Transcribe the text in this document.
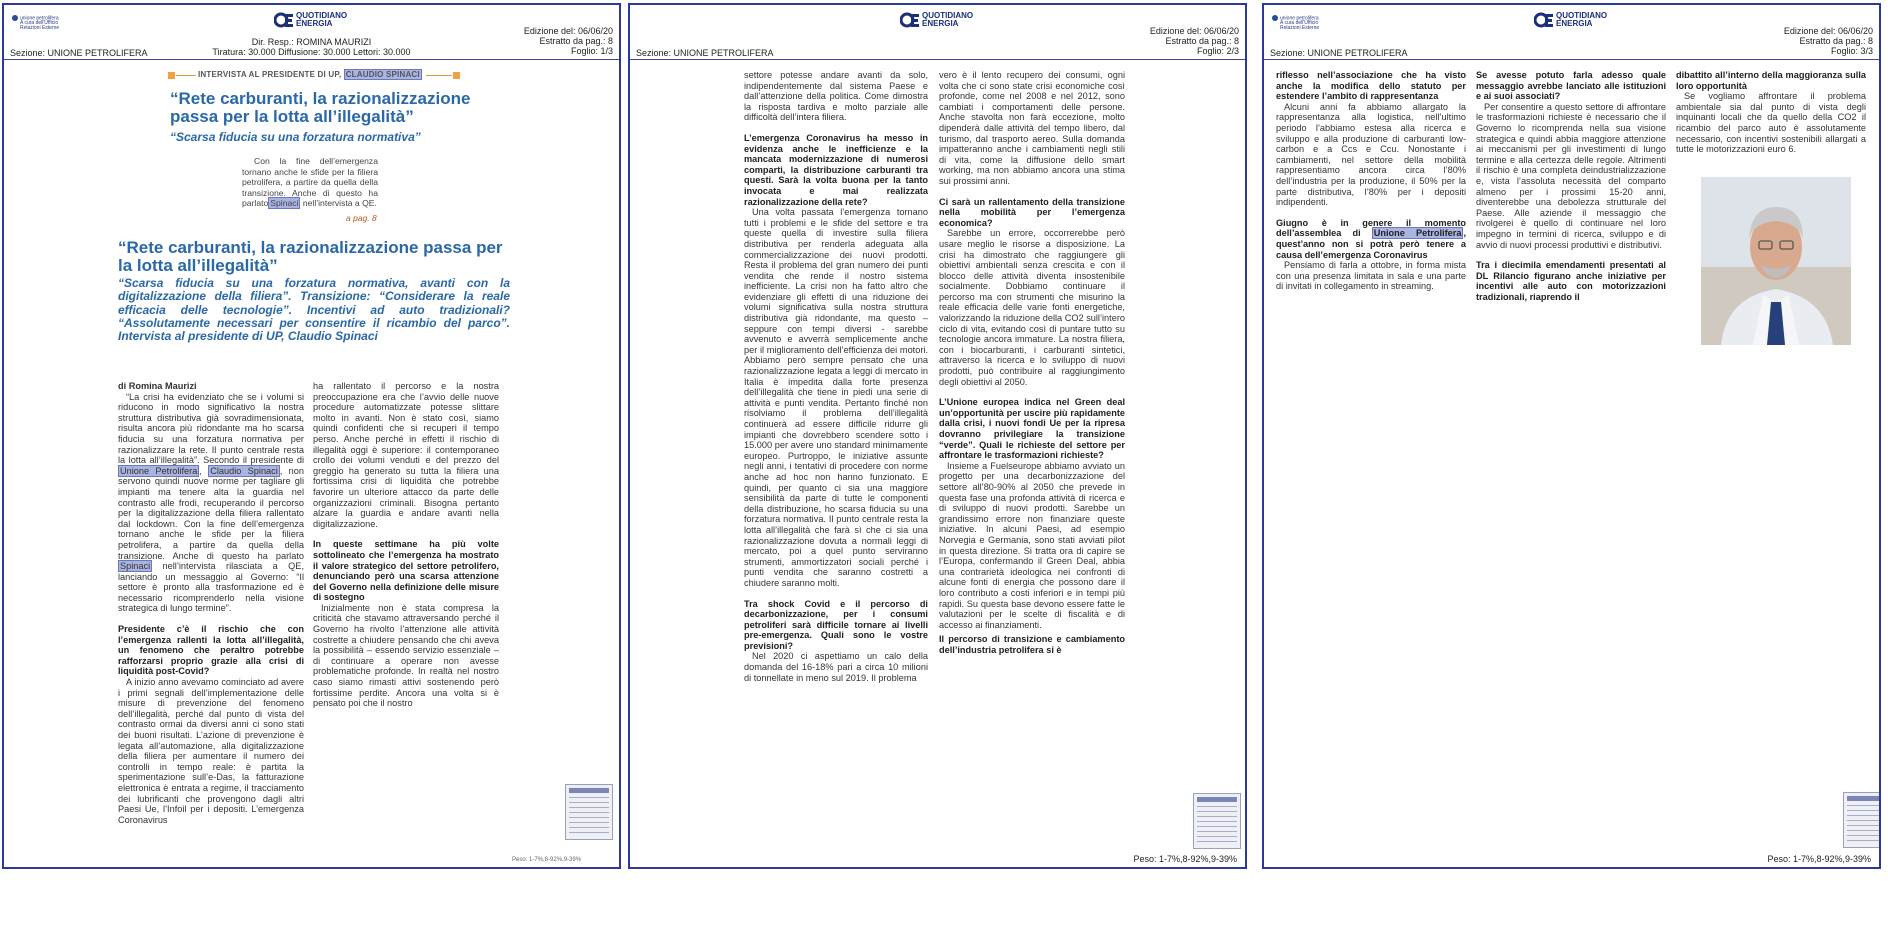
unione petrolifera
A cura dell'Ufficio
Relazioni Esterne
QUOTIDIANO
ENERGIA
Dir. Resp.: ROMINA MAURIZI
Tiratura: 30.000 Diffusione: 30.000 Lettori: 30.000
Edizione del: 06/06/20
Estratto da pag.: 8
Foglio: 1/3
Sezione: UNIONE PETROLIFERA
INTERVISTA AL PRESIDENTE DI UP, CLAUDIO SPINACI
“Rete carburanti, la razionalizzazione passa per la lotta all’illegalità”
“Scarsa fiducia su una forzatura normativa”
Con la fine dell’emergenza tornano anche le sfide per la filiera petrolifera, a partire da quella della transizione. Anche di questo ha parlato Spinaci nell’intervista a QE.
a pag. 8
“Rete carburanti, la razionalizzazione passa per la lotta all’illegalità”
“Scarsa fiducia su una forzatura normativa, avanti con la digitalizzazione della filiera”. Transizione: “Considerare la reale efficacia delle tecnologie”. Incentivi ad auto tradizionali? “Assolutamente necessari per consentire il ricambio del parco”. Intervista al presidente di UP, Claudio Spinaci

di Romina Maurizi

“La crisi ha evidenziato che se i volumi si riducono in modo significativo la nostra struttura distributiva già sovradimensionata, risulta ancora più ridondante ma ho scarsa fiducia su una forzatura normativa per razionalizzare la rete. Il punto centrale resta la lotta all’illegalità”. Secondo il presidente di Unione Petrolifera , Claudio Spinaci , non servono quindi nuove norme per tagliare gli impianti ma tenere alta la guardia nel contrasto alle frodi, recuperando il percorso per la digitalizzazione della filiera rallentato dal lockdown. Con la fine dell’emergenza tornano anche le sfide per la filiera petrolifera, a partire da quella della transizione. Anche di questo ha parlato Spinaci nell’intervista rilasciata a QE, lanciando un messaggio al Governo: “Il settore è pronto alla trasformazione ed è necessario ricomprenderlo nella visione strategica di lungo termine”.

Presidente c’è il rischio che con l’emergenza rallenti la lotta all’illegalità, un fenomeno che peraltro potrebbe rafforzarsi proprio grazie alla crisi di liquidità post-Covid?

A inizio anno avevamo cominciato ad avere i primi segnali dell’implementazione delle misure di prevenzione del fenomeno dell’illegalità, perché dal punto di vista del contrasto ormai da diversi anni ci sono stati dei buoni risultati. L’azione di prevenzione è legata all’automazione, alla digitalizzazione della filiera per aumentare il numero dei controlli in tempo reale: è partita la sperimentazione sull’e-Das, la fatturazione elettronica è entrata a regime, il tracciamento dei lubrificanti che provengono dagli altri Paesi Ue, l’Infoil per i depositi. L’emergenza Coronavirus

ha rallentato il percorso e la nostra preoccupazione era che l’avvio delle nuove procedure automatizzate potesse slittare molto in avanti. Non è stato così, siamo quindi confidenti che si recuperi il tempo perso. Anche perché in effetti il rischio di illegalità oggi è superiore: il contemporaneo crollo dei volumi venduti e del prezzo del greggio ha generato su tutta la filiera una fortissima crisi di liquidità che potrebbe favorire un ulteriore attacco da parte delle organizzazioni criminali. Bisogna pertanto alzare la guardia e andare avanti nella digitalizzazione.

In queste settimane ha più volte sottolineato che l’emergenza ha mostrato il valore strategico del settore petrolifero, denunciando però una scarsa attenzione del Governo nella definizione delle misure di sostegno

Inizialmente non è stata compresa la criticità che stavamo attraversando perché il Governo ha rivolto l’attenzione alle attività costrette a chiudere pensando che chi aveva la possibilità – essendo servizio essenziale – di continuare a operare non avesse problematiche profonde. In realtà nel nostro caso siamo rimasti attivi sostenendo però fortissime perdite. Ancora una volta si è pensato poi che il nostro

Peso: 1-7%,8-92%,9-39%
QUOTIDIANO
ENERGIA
Edizione del: 06/06/20
Estratto da pag.: 8
Foglio: 2/3
Sezione: UNIONE PETROLIFERA

settore potesse andare avanti da solo, indipendentemente dal sistema Paese e dall’attenzione della politica. Come dimostra la risposta tardiva e molto parziale alle difficoltà dell’intera filiera.

L’emergenza Coronavirus ha messo in evidenza anche le inefficienze e la mancata modernizzazione di numerosi comparti, la distribuzione carburanti tra questi. Sarà la volta buona per la tanto invocata e mai realizzata razionalizzazione della rete?

Una volta passata l’emergenza tornano tutti i problemi e le sfide del settore e tra queste quella di investire sulla filiera distributiva per renderla adeguata alla commercializzazione dei nuovi prodotti. Resta il problema del gran numero dei punti vendita che rende il nostro sistema inefficiente. La crisi non ha fatto altro che evidenziare gli effetti di una riduzione dei volumi significativa sulla nostra struttura distributiva già ridondante, ma questo – seppure con tempi diversi - sarebbe avvenuto e avverrà semplicemente anche per il miglioramento dell’efficienza dei motori. Abbiamo però sempre pensato che una razionalizzazione legata a leggi di mercato in Italia è impedita dalla forte presenza dell’illegalità che tiene in piedi una serie di attività e punti vendita. Pertanto finché non risolviamo il problema dell’illegalità continuerà ad essere difficile ridurre gli impianti che dovrebbero scendere sotto i 15.000 per avere uno standard minimamente europeo. Purtroppo, le iniziative assunte negli anni, i tentativi di procedere con norme anche ad hoc non hanno funzionato. E quindi, per quanto ci sia una maggiore sensibilità da parte di tutte le componenti della distribuzione, ho scarsa fiducia su una forzatura normativa. Il punto centrale resta la lotta all’illegalità che farà sì che ci sia una razionalizzazione dovuta a normali leggi di mercato, poi a quel punto serviranno strumenti, ammortizzatori sociali perché i punti vendita che saranno costretti a chiudere saranno molti.

Tra shock Covid e il percorso di decarbonizzazione, per i consumi petroliferi sarà difficile tornare ai livelli pre-emergenza. Quali sono le vostre previsioni?

Nel 2020 ci aspettiamo un calo della domanda del 16-18% pari a circa 10 milioni di tonnellate in meno sul 2019. Il problema

vero è il lento recupero dei consumi, ogni volta che ci sono state crisi economiche così profonde, come nel 2008 e nel 2012, sono cambiati i comportamenti delle persone. Anche stavolta non farà eccezione, molto dipenderà dalle attività del tempo libero, dal turismo, dal trasporto aereo. Sulla domanda impatteranno anche i cambiamenti negli stili di vita, come la diffusione dello smart working, ma non abbiamo ancora una stima sui prossimi anni.

Ci sarà un rallentamento della transizione nella mobilità per l’emergenza economica?

Sarebbe un errore, occorrerebbe però usare meglio le risorse a disposizione. La crisi ha dimostrato che raggiungere gli obiettivi ambientali senza crescita e con il blocco delle attività diventa insostenibile socialmente. Dobbiamo continuare il percorso ma con strumenti che misurino la reale efficacia delle varie fonti energetiche, valorizzando la riduzione della CO2 sull’intero ciclo di vita, evitando così di puntare tutto su tecnologie ancora immature. La nostra filiera, con i biocarburanti, i carburanti sintetici, attraverso la ricerca e lo sviluppo di nuovi prodotti, può contribuire al raggiungimento degli obiettivi al 2050.

L’Unione europea indica nel Green deal un’opportunità per uscire più rapidamente dalla crisi, i nuovi fondi Ue per la ripresa dovranno privilegiare la transizione “verde”. Quali le richieste del settore per affrontare le trasformazioni richieste?

Insieme a Fuelseurope abbiamo avviato un progetto per una decarbonizzazione del settore all’80-90% al 2050 che prevede in questa fase una profonda attività di ricerca e di sviluppo di nuovi prodotti. Sarebbe un grandissimo errore non finanziare queste iniziative. In alcuni Paesi, ad esempio Norvegia e Germania, sono stati avviati pilot in questa direzione. Si tratta ora di capire se l’Europa, confermando il Green Deal, abbia una contrarietà ideologica nei confronti di alcune fonti di energia che possono dare il loro contributo a costi inferiori e in tempi più rapidi. Su questa base devono essere fatte le valutazioni per le scelte di fiscalità e di accesso ai finanziamenti.

Il percorso di transizione e cambiamento dell’industria petrolifera si è

Peso: 1-7%,8-92%,9-39%
unione petrolifera
A cura dell'Ufficio
Relazioni Esterne
QUOTIDIANO
ENERGIA
Edizione del: 06/06/20
Estratto da pag.: 8
Foglio: 3/3
Sezione: UNIONE PETROLIFERA

riflesso nell’associazione che ha visto anche la modifica dello statuto per estendere l’ambito di rappresentanza

Alcuni anni fa abbiamo allargato la rappresentanza alla logistica, nell’ultimo periodo l’abbiamo estesa alla ricerca e sviluppo e alla produzione di carburanti low-carbon e a Ccs e Ccu. Nonostante i cambiamenti, nel settore della mobilità rappresentiamo ancora circa l’80% dell’industria per la produzione, il 50% per la parte distributiva, l’80% per i depositi indipendenti.

Giugno è in genere il momento dell’assemblea di Unione Petrolifera , quest’anno non si potrà però tenere a causa dell’emergenza Coronavirus

Pensiamo di farla a ottobre, in forma mista con una presenza limitata in sala e una parte di invitati in collegamento in streaming.

Se avesse potuto farla adesso quale messaggio avrebbe lanciato alle istituzioni e ai suoi associati?

Per consentire a questo settore di affrontare le trasformazioni richieste è necessario che il Governo lo ricomprenda nella sua visione strategica e quindi abbia maggiore attenzione ai meccanismi per gli investimenti di lungo termine e alla certezza delle regole. Altrimenti il rischio è una completa deindustrializzazione e, vista l’assoluta necessità del comparto almeno per i prossimi 15-20 anni, diventerebbe una debolezza strutturale del Paese. Alle aziende il messaggio che rivolgerei è quello di continuare nel loro impegno in termini di ricerca, sviluppo e di avvio di nuovi processi produttivi e distributivi.

Tra i diecimila emendamenti presentati al DL Rilancio figurano anche iniziative per incentivi alle auto con motorizzazioni tradizionali, riaprendo il

dibattito all’interno della maggioranza sulla loro opportunità

Se vogliamo affrontare il problema ambientale sia dal punto di vista degli inquinanti locali che da quello della CO2 il ricambio del parco auto è assolutamente necessario, con incentivi sostenibili allargati a tutte le motorizzazioni euro 6.

Peso: 1-7%,8-92%,9-39%
